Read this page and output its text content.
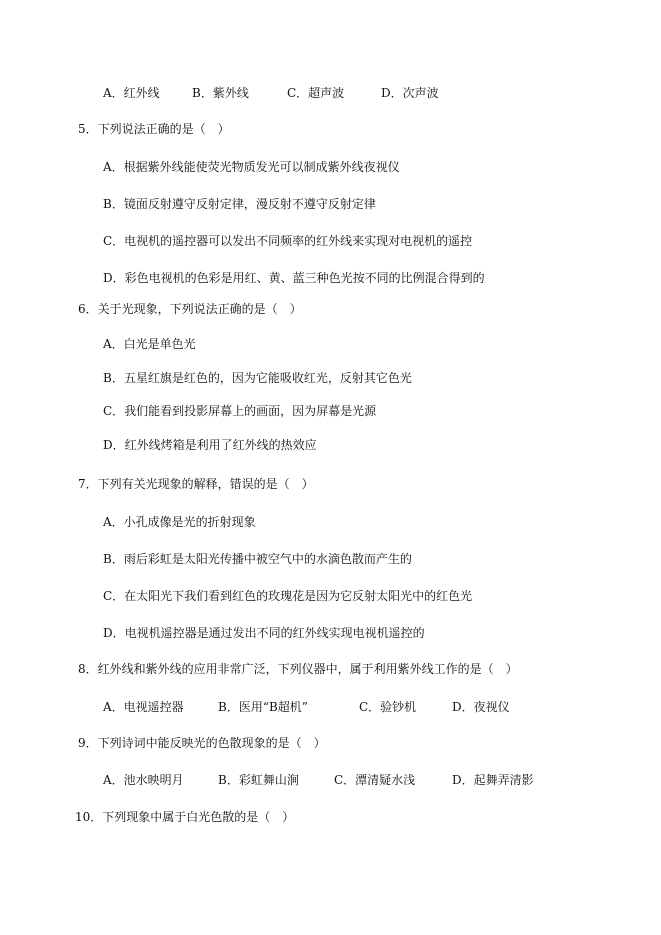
A．红外线	B．紫外线	C．超声波	D．次声波
5．下列说法正确的是（　）
A．根据紫外线能使荧光物质发光可以制成紫外线夜视仪
B．镜面反射遵守反射定律，漫反射不遵守反射定律
C．电视机的遥控器可以发出不同频率的红外线来实现对电视机的遥控
D．彩色电视机的色彩是用红、黄、蓝三种色光按不同的比例混合得到的
6．关于光现象，下列说法正确的是（　）
A．白光是单色光
B．五星红旗是红色的，因为它能吸收红光，反射其它色光
C．我们能看到投影屏幕上的画面，因为屏幕是光源
D．红外线烤箱是利用了红外线的热效应
7．下列有关光现象的解释，错误的是（　）
A．小孔成像是光的折射现象
B．雨后彩虹是太阳光传播中被空气中的水滴色散而产生的
C．在太阳光下我们看到红色的玫瑰花是因为它反射太阳光中的红色光
D．电视机遥控器是通过发出不同的红外线实现电视机遥控的
8．红外线和紫外线的应用非常广泛，下列仪器中，属于利用紫外线工作的是（　）
A．电视遥控器	B．医用“B超机”	C．验钞机	D．夜视仪
9．下列诗词中能反映光的色散现象的是（　）
A．池水映明月	B．彩虹舞山涧	C．潭清疑水浅	D．起舞弄清影
10．下列现象中属于白光色散的是（　）
